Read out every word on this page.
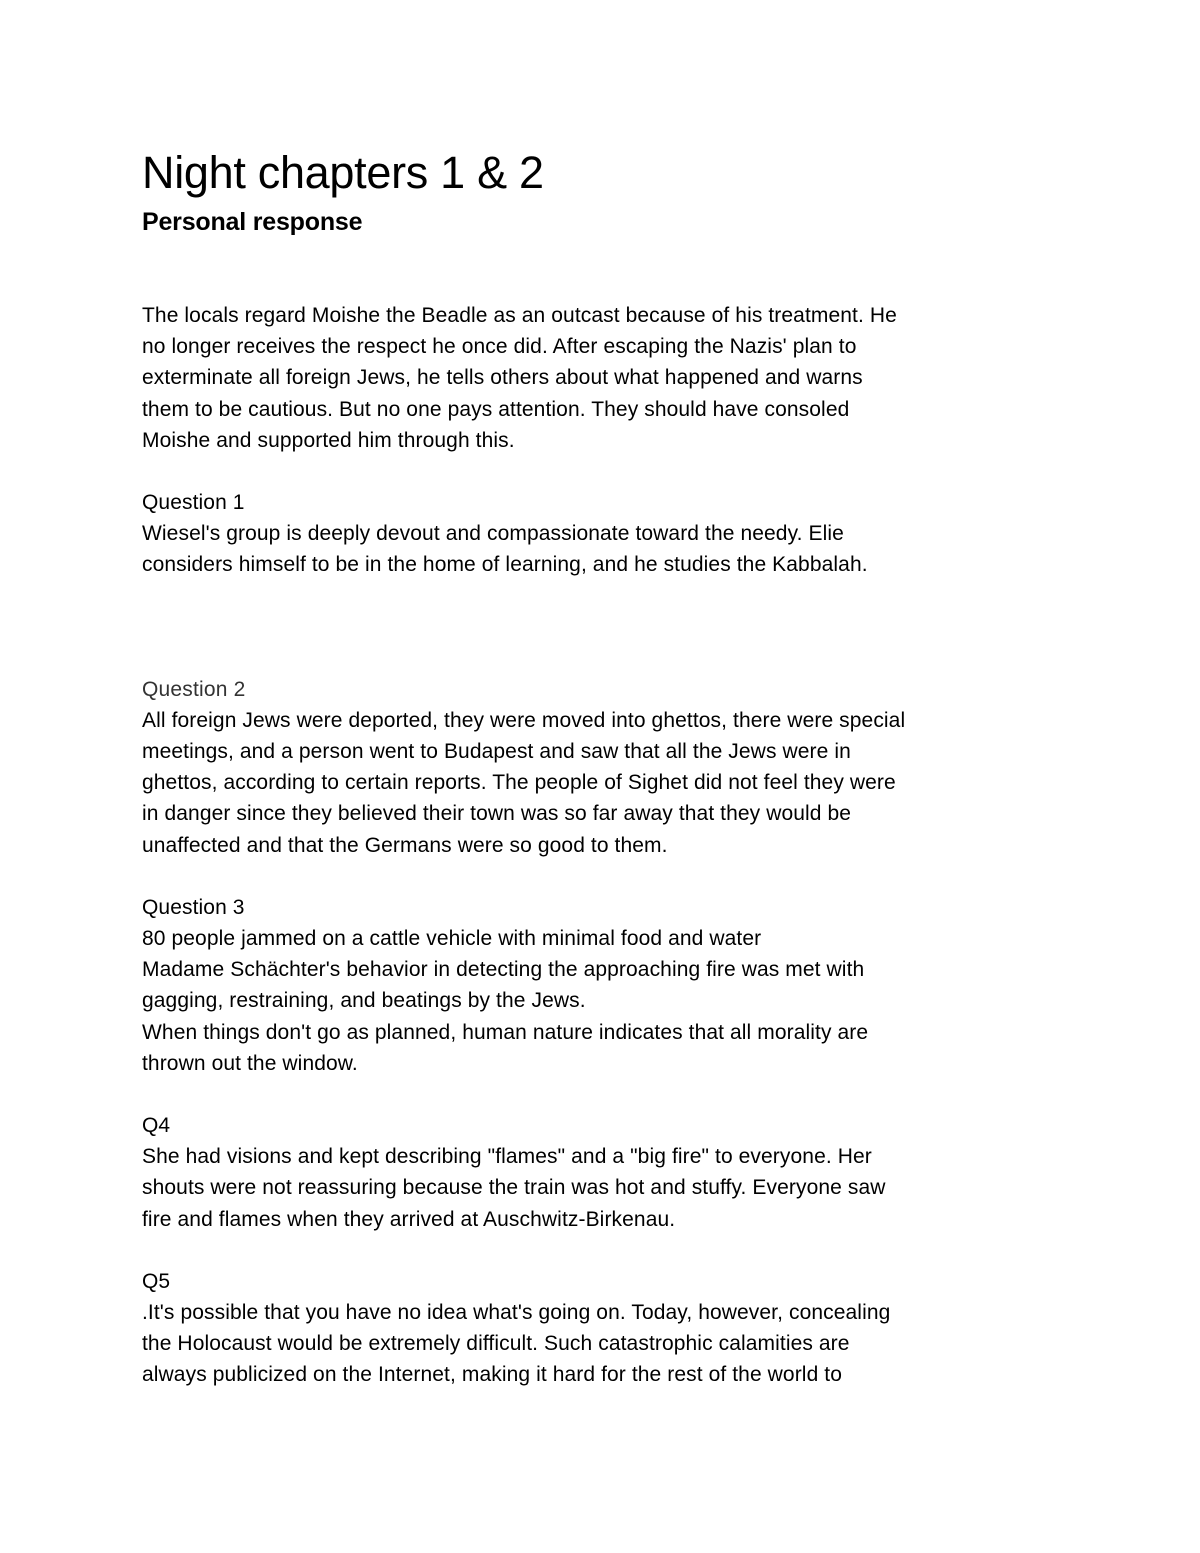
Night chapters 1 & 2
Personal response

The locals regard Moishe the Beadle as an outcast because of his treatment. He
no longer receives the respect he once did. After escaping the Nazis' plan to
exterminate all foreign Jews, he tells others about what happened and warns
them to be cautious. But no one pays attention. They should have consoled
Moishe and supported him through this.

Question 1

Wiesel's group is deeply devout and compassionate toward the needy. Elie
considers himself to be in the home of learning, and he studies the Kabbalah.

Question 2

All foreign Jews were deported, they were moved into ghettos, there were special
meetings, and a person went to Budapest and saw that all the Jews were in
ghettos, according to certain reports. The people of Sighet did not feel they were
in danger since they believed their town was so far away that they would be
unaffected and that the Germans were so good to them.

Question 3

80 people jammed on a cattle vehicle with minimal food and water
Madame Schächter's behavior in detecting the approaching fire was met with
gagging, restraining, and beatings by the Jews.
When things don't go as planned, human nature indicates that all morality are
thrown out the window.

Q4

She had visions and kept describing "flames" and a "big fire" to everyone. Her
shouts were not reassuring because the train was hot and stuffy. Everyone saw
fire and flames when they arrived at Auschwitz-Birkenau.

Q5

.It's possible that you have no idea what's going on. Today, however, concealing
the Holocaust would be extremely difficult. Such catastrophic calamities are
always publicized on the Internet, making it hard for the rest of the world to
